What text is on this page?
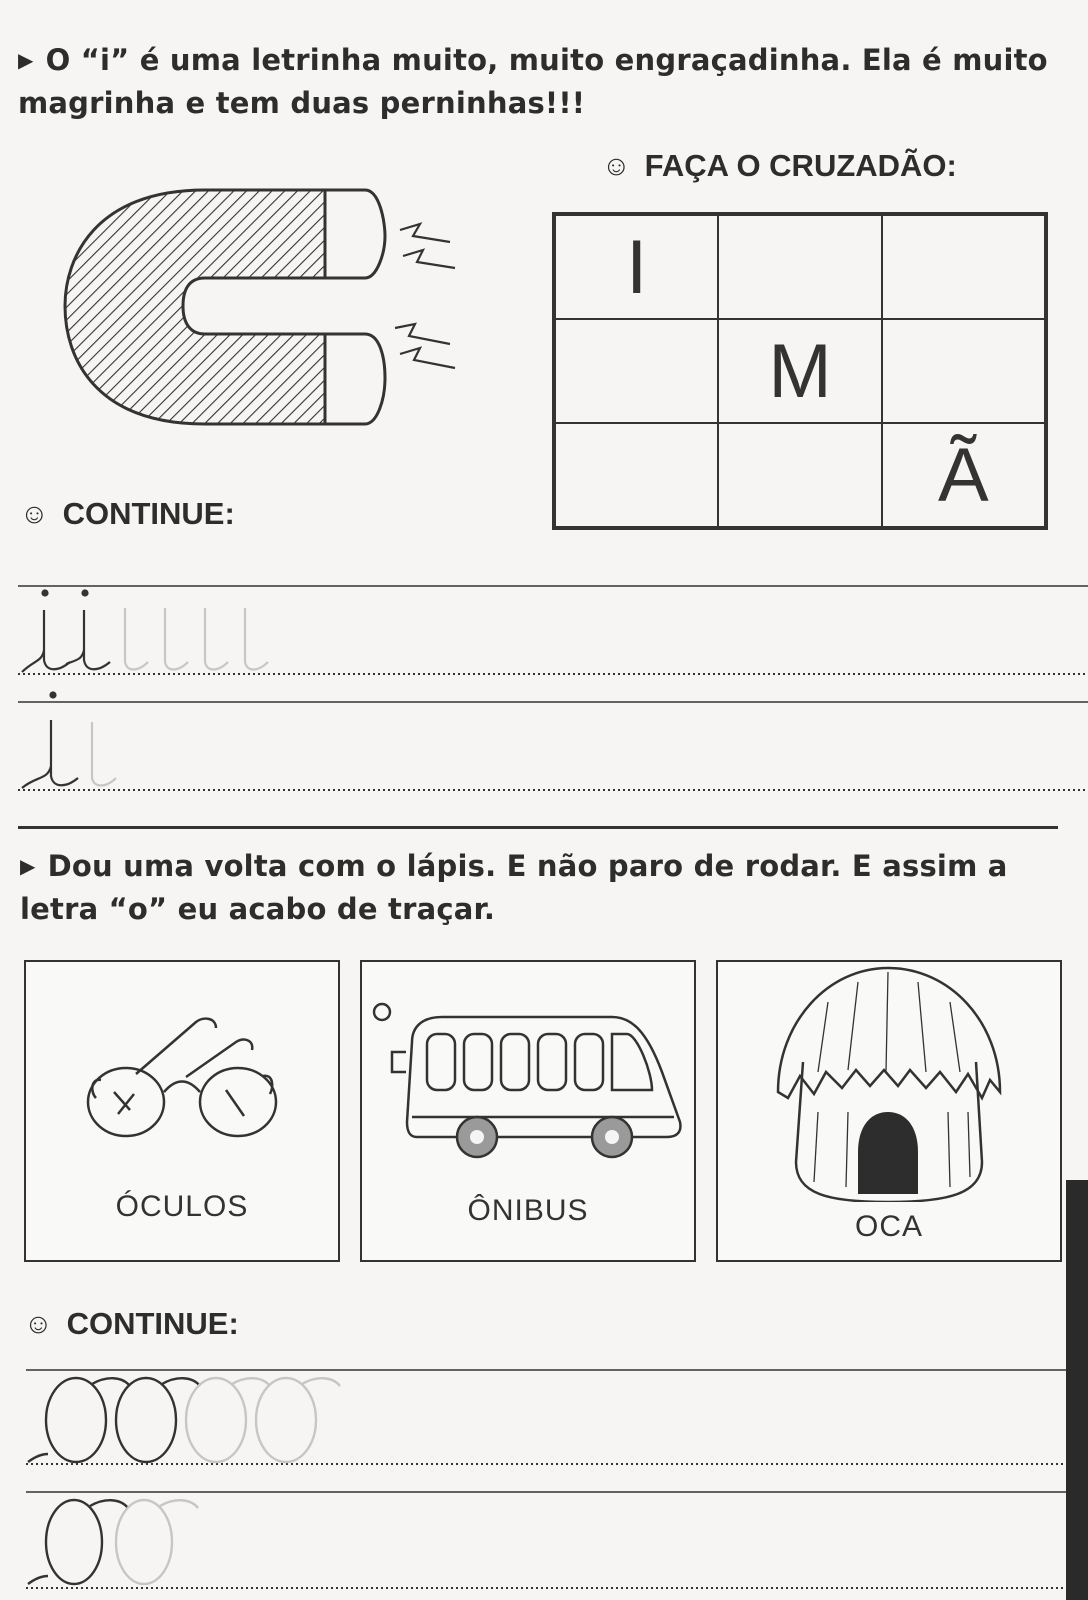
▶ O “i” é uma letrinha muito, muito engraçadinha. Ela é muito magrinha e tem duas perninhas!!!
☺ FAÇA O CRUZADÃO:
I
M
Ã
☺ CONTINUE:
▶ Dou uma volta com o lápis. E não paro de rodar. E assim a letra “o” eu acabo de traçar.
ÓCULOS	ÔNIBUS	OCA
☺ CONTINUE:
